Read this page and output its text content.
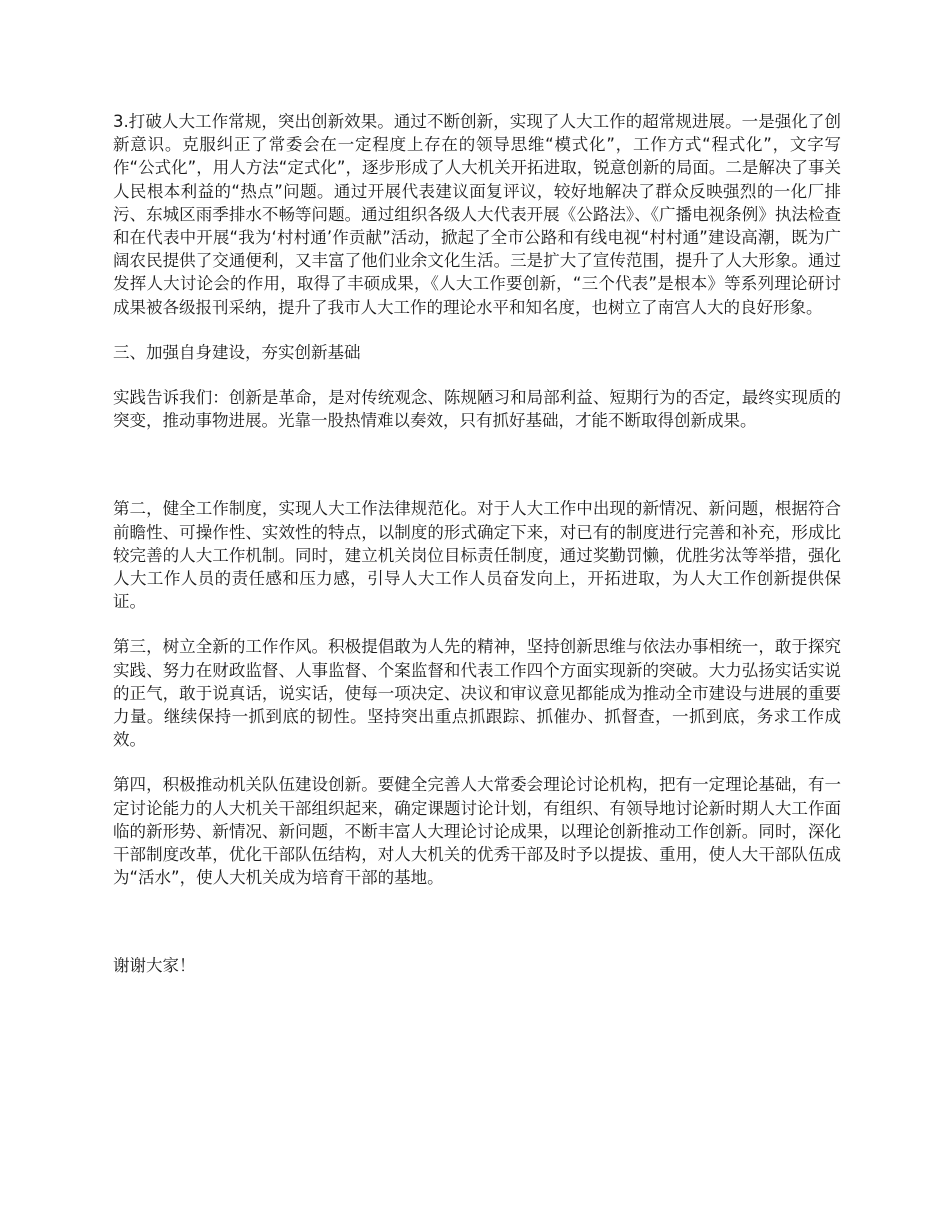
3.打破人大工作常规，突出创新效果。通过不断创新，实现了人大工作的超常规进展。一是强化了创新意识。克服纠正了常委会在一定程度上存在的领导思维“模式化”，工作方式“程式化”，文字写作“公式化”，用人方法“定式化”，逐步形成了人大机关开拓进取，锐意创新的局面。二是解决了事关人民根本利益的“热点”问题。通过开展代表建议面复评议，较好地解决了群众反映强烈的一化厂排污、东城区雨季排水不畅等问题。通过组织各级人大代表开展《公路法》、《广播电视条例》执法检查和在代表中开展“我为‘村村通’作贡献”活动，掀起了全市公路和有线电视“村村通”建设高潮，既为广阔农民提供了交通便利，又丰富了他们业余文化生活。三是扩大了宣传范围，提升了人大形象。通过发挥人大讨论会的作用，取得了丰硕成果，《人大工作要创新，“三个代表”是根本》等系列理论研讨成果被各级报刊采纳，提升了我市人大工作的理论水平和知名度，也树立了南宫人大的良好形象。

三、加强自身建设，夯实创新基础

实践告诉我们：创新是革命，是对传统观念、陈规陋习和局部利益、短期行为的否定，最终实现质的突变，推动事物进展。光靠一股热情难以奏效，只有抓好基础，才能不断取得创新成果。

第二，健全工作制度，实现人大工作法律规范化。对于人大工作中出现的新情况、新问题，根据符合前瞻性、可操作性、实效性的特点，以制度的形式确定下来，对已有的制度进行完善和补充，形成比较完善的人大工作机制。同时，建立机关岗位目标责任制度，通过奖勤罚懒，优胜劣汰等举措，强化人大工作人员的责任感和压力感，引导人大工作人员奋发向上，开拓进取，为人大工作创新提供保证。

第三，树立全新的工作作风。积极提倡敢为人先的精神，坚持创新思维与依法办事相统一，敢于探究实践、努力在财政监督、人事监督、个案监督和代表工作四个方面实现新的突破。大力弘扬实话实说的正气，敢于说真话，说实话，使每一项决定、决议和审议意见都能成为推动全市建设与进展的重要力量。继续保持一抓到底的韧性。坚持突出重点抓跟踪、抓催办、抓督查，一抓到底，务求工作成效。

第四，积极推动机关队伍建设创新。要健全完善人大常委会理论讨论机构，把有一定理论基础，有一定讨论能力的人大机关干部组织起来，确定课题讨论计划，有组织、有领导地讨论新时期人大工作面临的新形势、新情况、新问题，不断丰富人大理论讨论成果，以理论创新推动工作创新。同时，深化干部制度改革，优化干部队伍结构，对人大机关的优秀干部及时予以提拔、重用，使人大干部队伍成为“活水”，使人大机关成为培育干部的基地。

谢谢大家！
